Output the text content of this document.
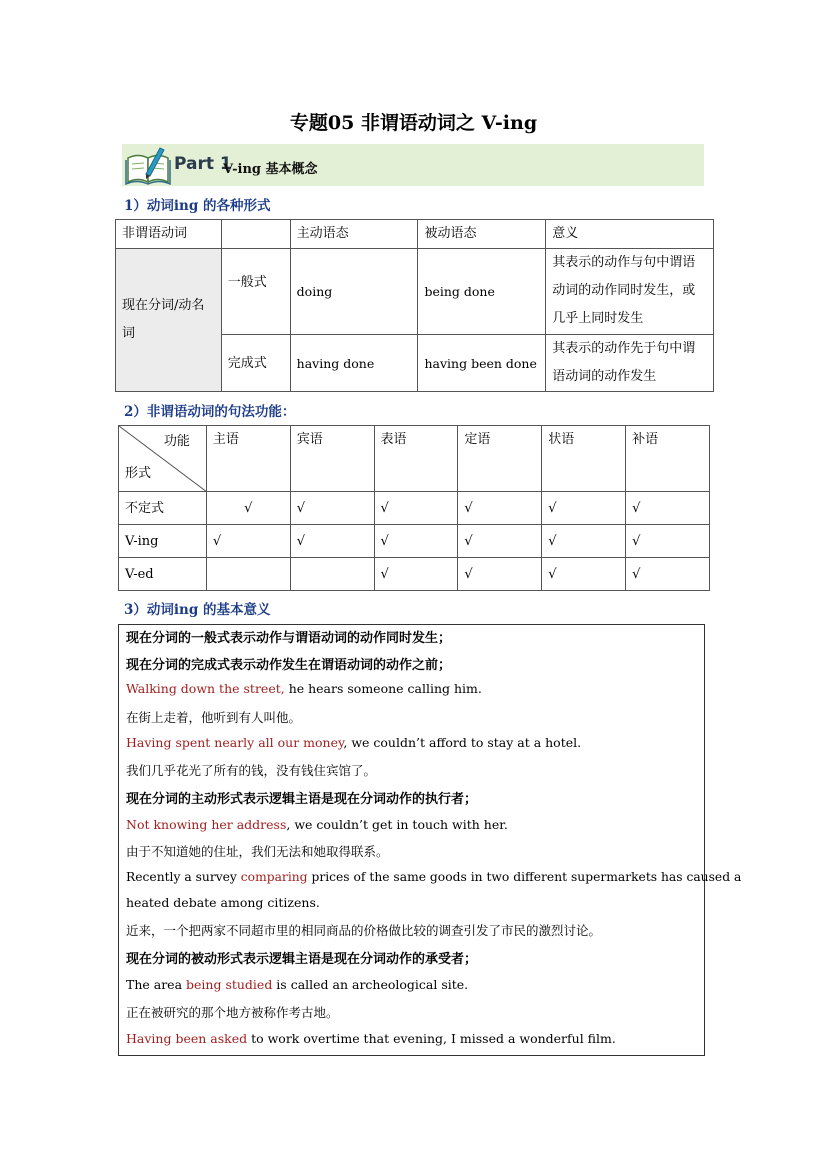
专题05 非谓语动词之 V-ing
Part 1
V-ing 基本概念
1）动词ing 的各种形式
非谓语动词		主动语态	被动语态	意义
现在分词/动名词	一般式	doing	being done	其表示的动作与句中谓语动词的动作同时发生，或几乎上同时发生
	完成式	having done	having been done	其表示的动作先于句中谓语动词的动作发生
2）非谓语动词的句法功能：
功能
形式	主语	宾语	表语	定语	状语	补语
不定式	√	√	√	√	√	√
V-ing	√	√	√	√	√	√
V-ed			√	√	√	√
3）动词ing 的基本意义
现在分词的一般式表示动作与谓语动词的动作同时发生；
现在分词的完成式表示动作发生在谓语动词的动作之前；
Walking down the street, he hears someone calling him.
在街上走着，他听到有人叫他。
Having spent nearly all our money, we couldn’t afford to stay at a hotel.
我们几乎花光了所有的钱，没有钱住宾馆了。
现在分词的主动形式表示逻辑主语是现在分词动作的执行者；
Not knowing her address, we couldn’t get in touch with her.
由于不知道她的住址，我们无法和她取得联系。
Recently a survey comparing prices of the same goods in two different supermarkets has caused a
heated debate among citizens.
近来，一个把两家不同超市里的相同商品的价格做比较的调查引发了市民的激烈讨论。
现在分词的被动形式表示逻辑主语是现在分词动作的承受者；
The area being studied is called an archeological site.
正在被研究的那个地方被称作考古地。
Having been asked to work overtime that evening, I missed a wonderful film.
